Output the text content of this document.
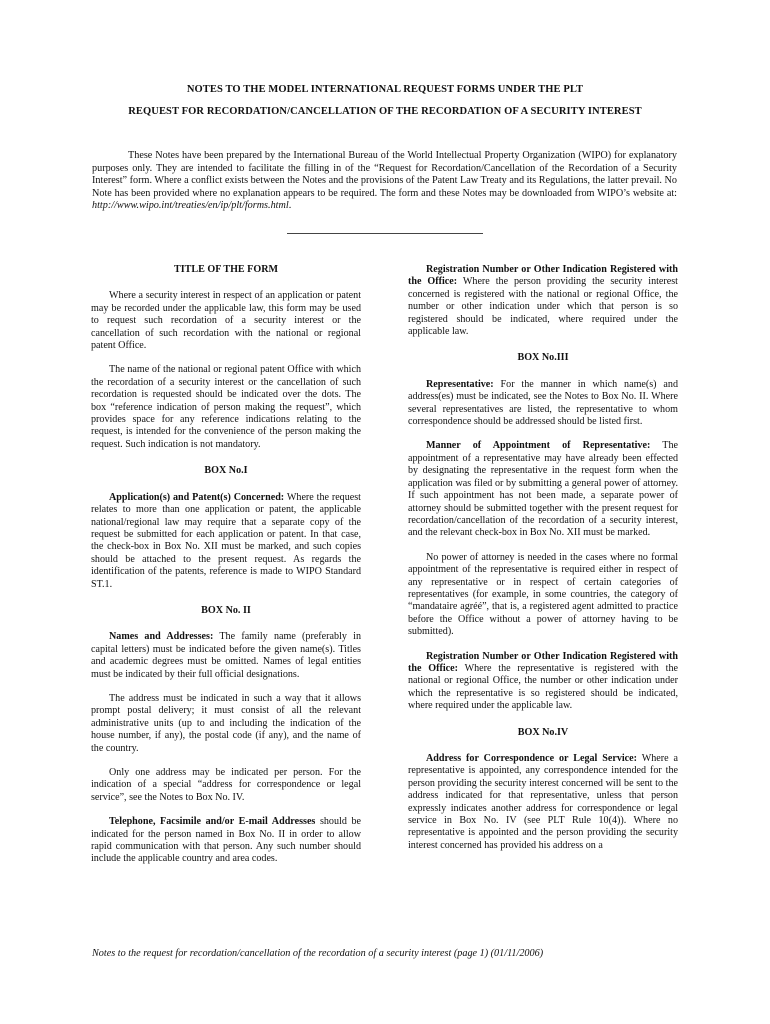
NOTES TO THE MODEL INTERNATIONAL REQUEST FORMS UNDER THE PLT
REQUEST FOR RECORDATION/CANCELLATION OF THE RECORDATION OF A SECURITY INTEREST
These Notes have been prepared by the International Bureau of the World Intellectual Property Organization (WIPO) for explanatory purposes only. They are intended to facilitate the filling in of the “Request for Recordation/Cancellation of the Recordation of a Security Interest” form. Where a conflict exists between the Notes and the provisions of the Patent Law Treaty and its Regulations, the latter prevail. No Note has been provided where no explanation appears to be required. The form and these Notes may be downloaded from WIPO’s website at: http://www.wipo.int/treaties/en/ip/plt/forms.html.

TITLE OF THE FORM

Where a security interest in respect of an application or patent may be recorded under the applicable law, this form may be used to request such recordation of a security interest or the cancellation of such recordation with the national or regional patent Office.

The name of the national or regional patent Office with which the recordation of a security interest or the cancellation of such recordation is requested should be indicated over the dots. The box “reference indication of person making the request”, which provides space for any reference indications relating to the request, is intended for the convenience of the person making the request. Such indication is not mandatory.

BOX No.I

Application(s) and Patent(s) Concerned: Where the request relates to more than one application or patent, the applicable national/regional law may require that a separate copy of the request be submitted for each application or patent. In that case, the check-box in Box No. XII must be marked, and such copies should be attached to the present request. As regards the identification of the patents, reference is made to WIPO Standard ST.1.

BOX No. II

Names and Addresses: The family name (preferably in capital letters) must be indicated before the given name(s). Titles and academic degrees must be omitted. Names of legal entities must be indicated by their full official designations.

The address must be indicated in such a way that it allows prompt postal delivery; it must consist of all the relevant administrative units (up to and including the indication of the house number, if any), the postal code (if any), and the name of the country.

Only one address may be indicated per person. For the indication of a special “address for correspondence or legal service”, see the Notes to Box No. IV.

Telephone, Facsimile and/or E-mail Addresses should be indicated for the person named in Box No. II in order to allow rapid communication with that person. Any such number should include the applicable country and area codes.

Registration Number or Other Indication Registered with the Office: Where the person providing the security interest concerned is registered with the national or regional Office, the number or other indication under which that person is so registered should be indicated, where required under the applicable law.

BOX No.III

Representative: For the manner in which name(s) and address(es) must be indicated, see the Notes to Box No. II. Where several representatives are listed, the representative to whom correspondence should be addressed should be listed first.

Manner of Appointment of Representative: The appointment of a representative may have already been effected by designating the representative in the request form when the application was filed or by submitting a general power of attorney. If such appointment has not been made, a separate power of attorney should be submitted together with the present request for recordation/cancellation of the recordation of a security interest, and the relevant check-box in Box No. XII must be marked.

No power of attorney is needed in the cases where no formal appointment of the representative is required either in respect of any representative or in respect of certain categories of representatives (for example, in some countries, the category of “mandataire agréé”, that is, a registered agent admitted to practice before the Office without a power of attorney having to be submitted).

Registration Number or Other Indication Registered with the Office: Where the representative is registered with the national or regional Office, the number or other indication under which the representative is so registered should be indicated, where required under the applicable law.

BOX No.IV

Address for Correspondence or Legal Service: Where a representative is appointed, any correspondence intended for the person providing the security interest concerned will be sent to the address indicated for that representative, unless that person expressly indicates another address for correspondence or legal service in Box No. IV (see PLT Rule 10(4)). Where no representative is appointed and the person providing the security interest concerned has provided his address on a

Notes to the request for recordation/cancellation of the recordation of a security interest (page 1) (01/11/2006)
